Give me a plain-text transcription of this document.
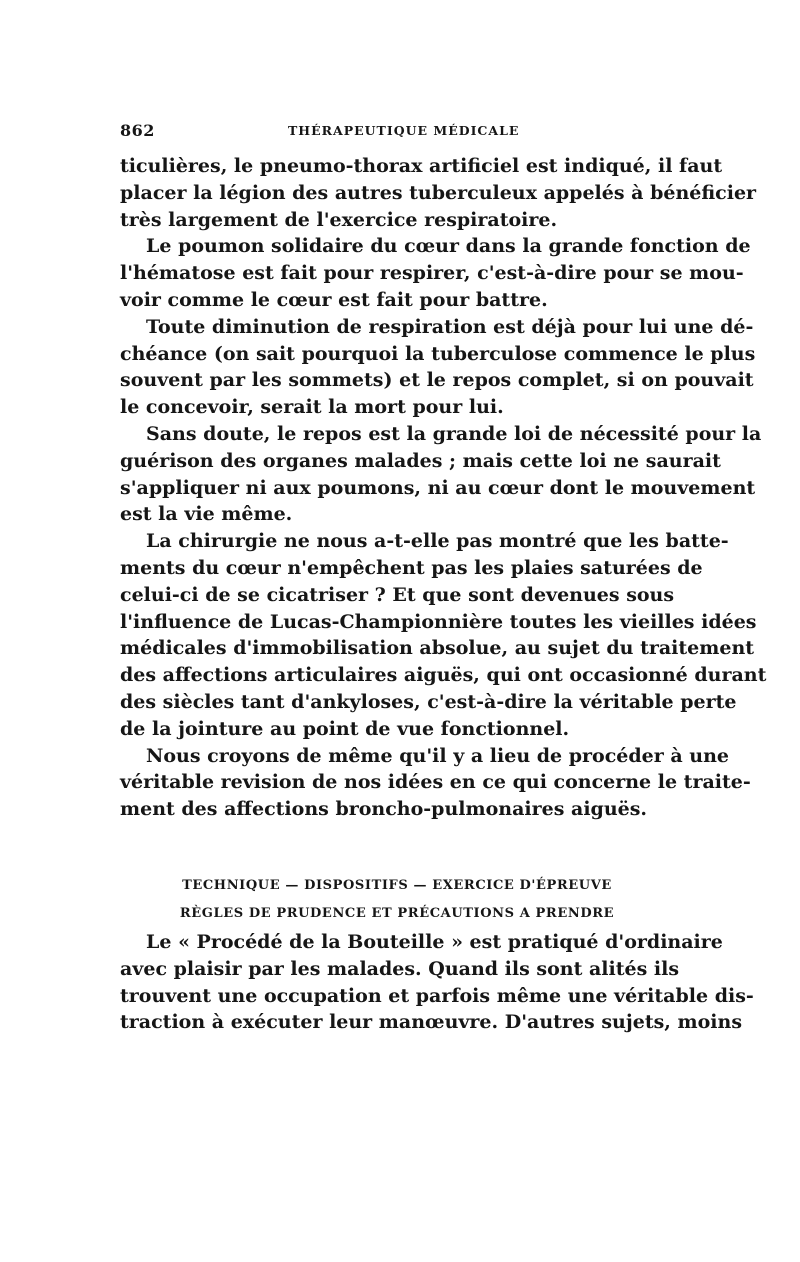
862	THÉRAPEUTIQUE MÉDICALE
ticulières, le pneumo-thorax artificiel est indiqué, il faut
placer la légion des autres tuberculeux appelés à bénéficier
très largement de l'exercice respiratoire.
Le poumon solidaire du cœur dans la grande fonction de
l'hématose est fait pour respirer, c'est-à-dire pour se mou-
voir comme le cœur est fait pour battre.
Toute diminution de respiration est déjà pour lui une dé-
chéance (on sait pourquoi la tuberculose commence le plus
souvent par les sommets) et le repos complet, si on pouvait
le concevoir, serait la mort pour lui.
Sans doute, le repos est la grande loi de nécessité pour la
guérison des organes malades ; mais cette loi ne saurait
s'appliquer ni aux poumons, ni au cœur dont le mouvement
est la vie même.
La chirurgie ne nous a-t-elle pas montré que les batte-
ments du cœur n'empêchent pas les plaies saturées de
celui-ci de se cicatriser ? Et que sont devenues sous
l'influence de Lucas-Championnière toutes les vieilles idées
médicales d'immobilisation absolue, au sujet du traitement
des affections articulaires aiguës, qui ont occasionné durant
des siècles tant d'ankyloses, c'est-à-dire la véritable perte
de la jointure au point de vue fonctionnel.
Nous croyons de même qu'il y a lieu de procéder à une
véritable revision de nos idées en ce qui concerne le traite-
ment des affections broncho-pulmonaires aiguës.
TECHNIQUE — DISPOSITIFS — EXERCICE D'ÉPREUVE
RÈGLES DE PRUDENCE ET PRÉCAUTIONS A PRENDRE
Le « Procédé de la Bouteille » est pratiqué d'ordinaire
avec plaisir par les malades. Quand ils sont alités ils
trouvent une occupation et parfois même une véritable dis-
traction à exécuter leur manœuvre. D'autres sujets, moins
